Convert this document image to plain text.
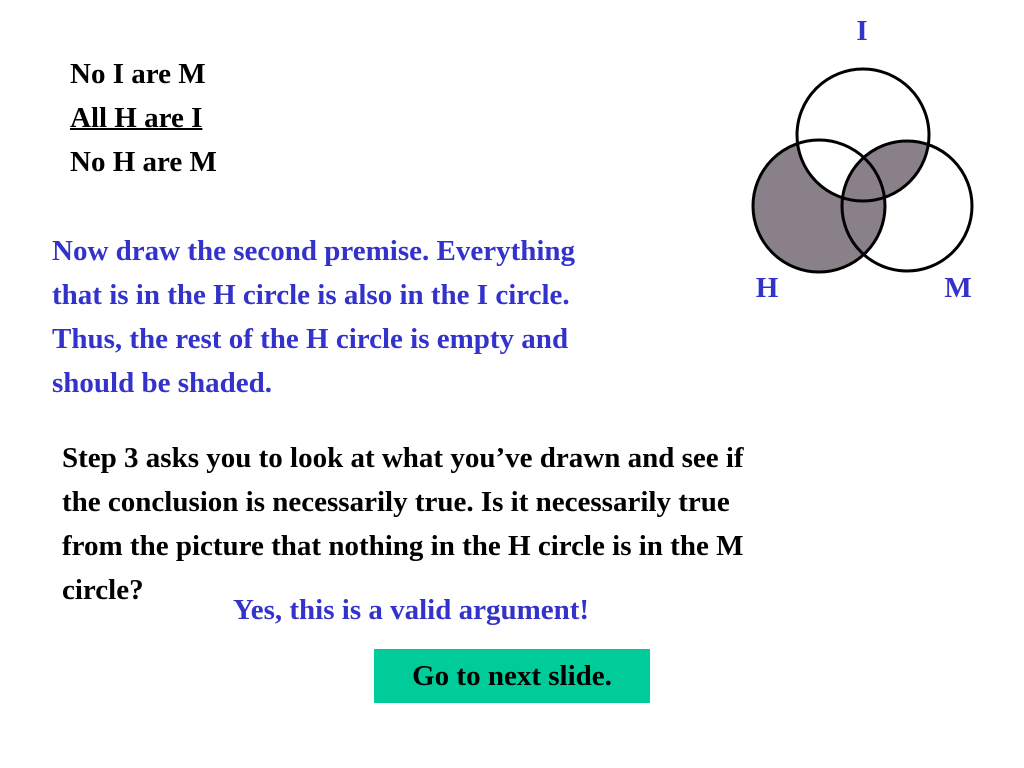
No I are M
All H are I
No H are M
Now draw the second premise. Everything
that is in the H circle is also in the I circle.
Thus, the rest of the H circle is empty and
should be shaded.
Step 3 asks you to look at what you’ve drawn and see if
the conclusion is necessarily true. Is it necessarily true
from the picture that nothing in the H circle is in the M
circle?
Yes, this is a valid argument!
Go to next slide.
I
H	M
